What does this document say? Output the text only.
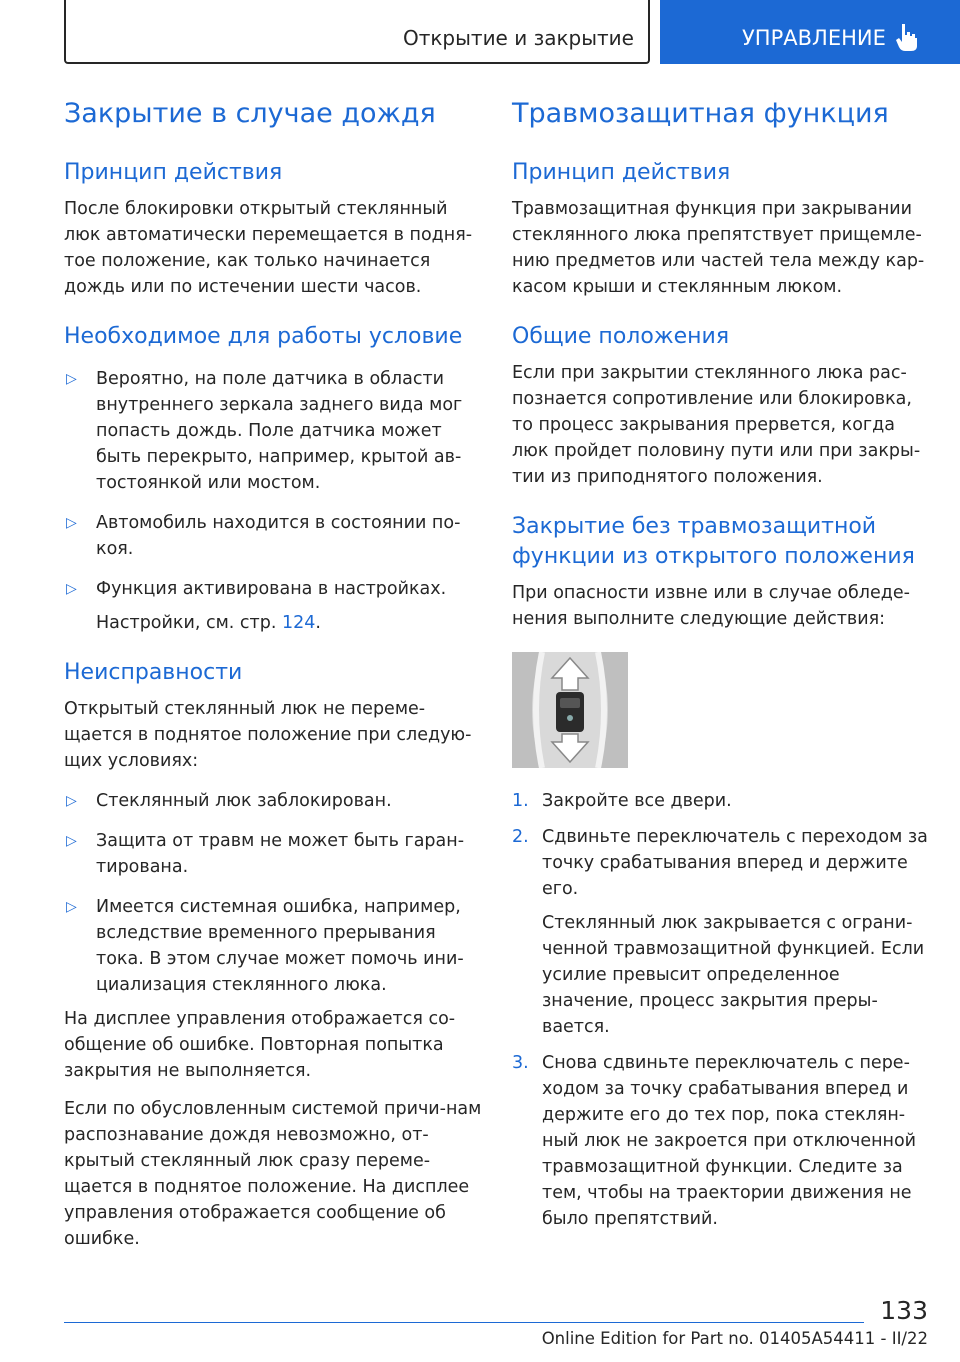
Открытие и закрытие	УПРАВЛЕНИЕ
Закрытие в случае дождя
Принцип действия

После блокировки открытый стеклянный люк автоматически перемещается в подня-тое положение, как только начинается дождь или по истечении шести часов.

Необходимое для работы условие
▷ Вероятно, на поле датчика в области внутреннего зеркала заднего вида мог попасть дождь. Поле датчика может быть перекрыто, например, крытой ав-тостоянкой или мостом.
▷ Автомобиль находится в состоянии по-коя.
▷ Функция активирована в настройках.
Настройки, см. стр. 124.
Неисправности

Открытый стеклянный люк не переме-щается в поднятое положение при следую-щих условиях:

▷ Стеклянный люк заблокирован.
▷ Защита от травм не может быть гаран-тирована.
▷ Имеется системная ошибка, например, вследствие временного прерывания тока. В этом случае может помочь ини-циализация стеклянного люка.

На дисплее управления отображается со-общение об ошибке. Повторная попытка закрытия не выполняется.

Если по обусловленным системой причи-нам распознавание дождя невозможно, от-крытый стеклянный люк сразу переме-щается в поднятое положение. На дисплее управления отображается сообщение об ошибке.

Травмозащитная функция
Принцип действия

Травмозащитная функция при закрывании стеклянного люка препятствует прищемле-нию предметов или частей тела между кар-касом крыши и стеклянным люком.

Общие положения

Если при закрытии стеклянного люка рас-познается сопротивление или блокировка, то процесс закрывания прервется, когда люк пройдет половину пути или при закры-тии из приподнятого положения.

Закрытие без травмозащитной функции из открытого положения

При опасности извне или в случае обледе-нения выполните следующие действия:

1. Закройте все двери.
2. Сдвиньте переключатель с переходом за точку срабатывания вперед и держите его.
Стеклянный люк закрывается с ограни-ченной травмозащитной функцией. Если усилие превысит определенное значение, процесс закрытия преры-вается.
3. Снова сдвиньте переключатель с пере-ходом за точку срабатывания вперед и держите его до тех пор, пока стеклян-ный люк не закроется при отключенной травмозащитной функции. Следите за тем, чтобы на траектории движения не было препятствий.
133
Online Edition for Part no. 01405A54411 - II/22
